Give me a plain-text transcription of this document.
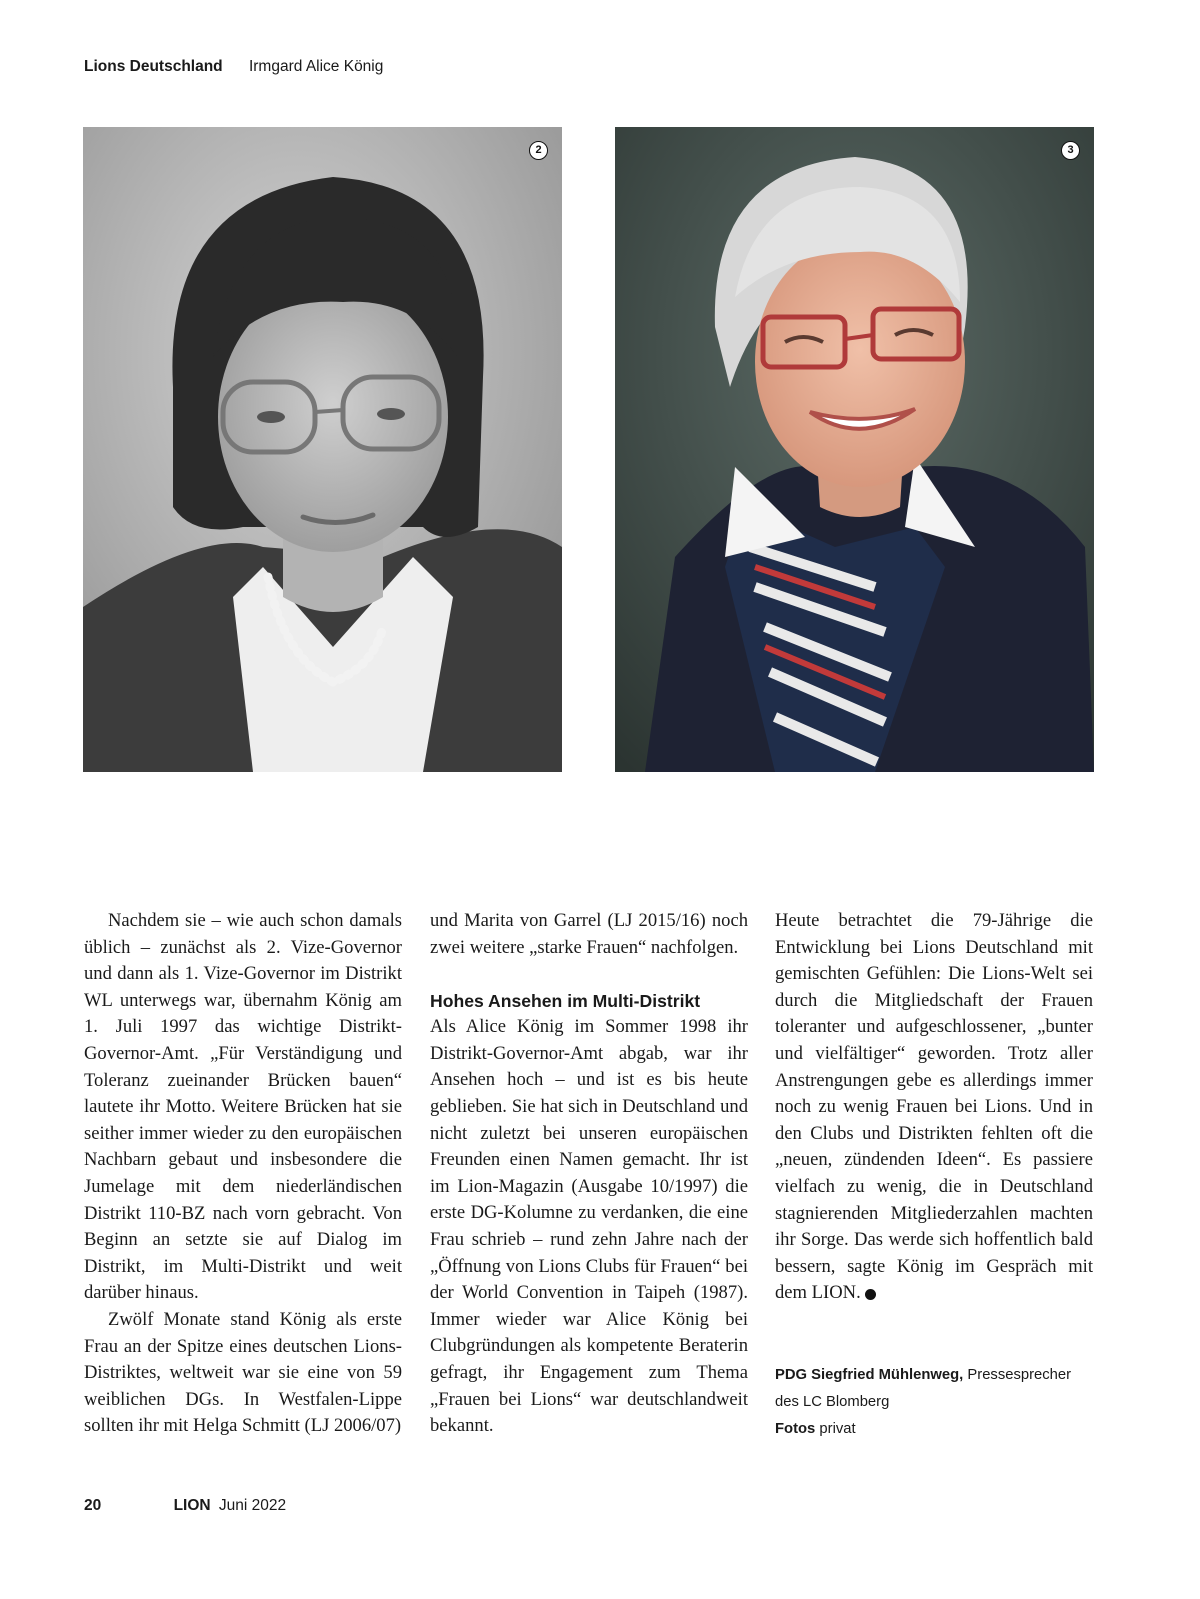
Lions Deutschland Irmgard Alice König
2	3

Nachdem sie – wie auch schon damals üblich – zunächst als 2. Vize-Governor und dann als 1. Vize-Governor im Distrikt WL unterwegs war, übernahm König am 1. Juli 1997 das wichtige Distrikt-Governor-Amt. „Für Verständigung und Toleranz zueinander Brücken bauen“ lautete ihr Motto. Weitere Brücken hat sie seither immer wieder zu den europäischen Nachbarn gebaut und insbesondere die Jumelage mit dem niederländischen Distrikt 110-BZ nach vorn gebracht. Von Beginn an setzte sie auf Dialog im Distrikt, im Multi-Distrikt und weit darüber hinaus.

Zwölf Monate stand König als erste Frau an der Spitze eines deutschen Lions-Distriktes, weltweit war sie eine von 59 weiblichen DGs. In Westfalen-Lippe sollten ihr mit Helga Schmitt (LJ 2006/07)

und Marita von Garrel (LJ 2015/16) noch zwei weitere „starke Frauen“ nachfolgen.

Hohes Ansehen im Multi-Distrikt

Als Alice König im Sommer 1998 ihr Distrikt-Governor-Amt abgab, war ihr Ansehen hoch – und ist es bis heute geblieben. Sie hat sich in Deutschland und nicht zuletzt bei unseren europäischen Freunden einen Namen gemacht. Ihr ist im Lion-Magazin (Ausgabe 10/1997) die erste DG-Kolumne zu verdanken, die eine Frau schrieb – rund zehn Jahre nach der „Öffnung von Lions Clubs für Frauen“ bei der World Convention in Taipeh (1987). Immer wieder war Alice König bei Clubgründungen als kompetente Beraterin gefragt, ihr Engagement zum Thema „Frauen bei Lions“ war deutschlandweit bekannt.

Heute betrachtet die 79-Jährige die Entwicklung bei Lions Deutschland mit gemischten Gefühlen: Die Lions-Welt sei durch die Mitgliedschaft der Frauen toleranter und aufgeschlossener, „bunter und vielfältiger“ geworden. Trotz aller Anstrengungen gebe es allerdings immer noch zu wenig Frauen bei Lions. Und in den Clubs und Distrikten fehlten oft die „neuen, zündenden Ideen“. Es passiere vielfach zu wenig, die in Deutschland stagnierenden Mitgliederzahlen machten ihr Sorge. Das werde sich hoffentlich bald bessern, sagte König im Gespräch mit dem LION.

PDG Siegfried Mühlenweg, Pressesprecher des LC Blomberg
Fotos privat
20	LION Juni 2022
